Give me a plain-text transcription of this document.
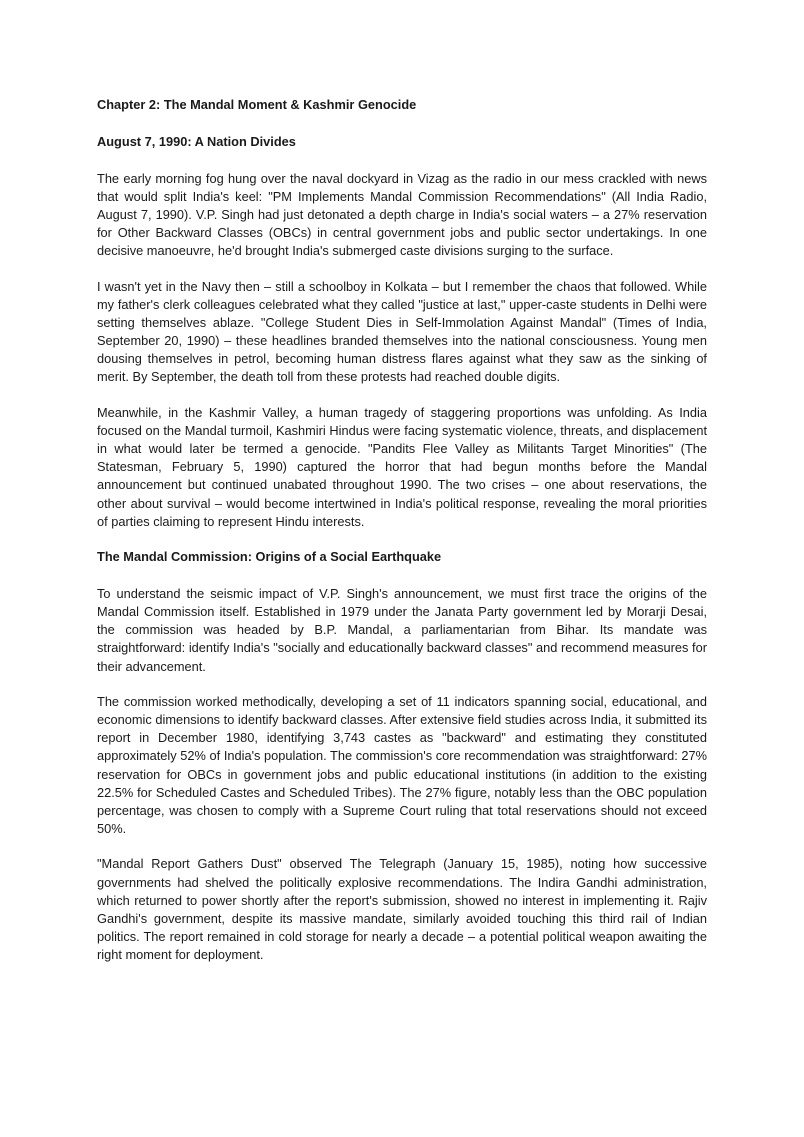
Chapter 2: The Mandal Moment & Kashmir Genocide
August 7, 1990: A Nation Divides

The early morning fog hung over the naval dockyard in Vizag as the radio in our mess crackled with news that would split India's keel: "PM Implements Mandal Commission Recommendations" (All India Radio, August 7, 1990). V.P. Singh had just detonated a depth charge in India's social waters – a 27% reservation for Other Backward Classes (OBCs) in central government jobs and public sector undertakings. In one decisive manoeuvre, he'd brought India's submerged caste divisions surging to the surface.

I wasn't yet in the Navy then – still a schoolboy in Kolkata – but I remember the chaos that followed. While my father's clerk colleagues celebrated what they called "justice at last," upper-caste students in Delhi were setting themselves ablaze. "College Student Dies in Self-Immolation Against Mandal" (Times of India, September 20, 1990) – these headlines branded themselves into the national consciousness. Young men dousing themselves in petrol, becoming human distress flares against what they saw as the sinking of merit. By September, the death toll from these protests had reached double digits.

Meanwhile, in the Kashmir Valley, a human tragedy of staggering proportions was unfolding. As India focused on the Mandal turmoil, Kashmiri Hindus were facing systematic violence, threats, and displacement in what would later be termed a genocide. "Pandits Flee Valley as Militants Target Minorities" (The Statesman, February 5, 1990) captured the horror that had begun months before the Mandal announcement but continued unabated throughout 1990. The two crises – one about reservations, the other about survival – would become intertwined in India's political response, revealing the moral priorities of parties claiming to represent Hindu interests.

The Mandal Commission: Origins of a Social Earthquake

To understand the seismic impact of V.P. Singh's announcement, we must first trace the origins of the Mandal Commission itself. Established in 1979 under the Janata Party government led by Morarji Desai, the commission was headed by B.P. Mandal, a parliamentarian from Bihar. Its mandate was straightforward: identify India's "socially and educationally backward classes" and recommend measures for their advancement.

The commission worked methodically, developing a set of 11 indicators spanning social, educational, and economic dimensions to identify backward classes. After extensive field studies across India, it submitted its report in December 1980, identifying 3,743 castes as "backward" and estimating they constituted approximately 52% of India's population. The commission's core recommendation was straightforward: 27% reservation for OBCs in government jobs and public educational institutions (in addition to the existing 22.5% for Scheduled Castes and Scheduled Tribes). The 27% figure, notably less than the OBC population percentage, was chosen to comply with a Supreme Court ruling that total reservations should not exceed 50%.

"Mandal Report Gathers Dust" observed The Telegraph (January 15, 1985), noting how successive governments had shelved the politically explosive recommendations. The Indira Gandhi administration, which returned to power shortly after the report's submission, showed no interest in implementing it. Rajiv Gandhi's government, despite its massive mandate, similarly avoided touching this third rail of Indian politics. The report remained in cold storage for nearly a decade – a potential political weapon awaiting the right moment for deployment.
